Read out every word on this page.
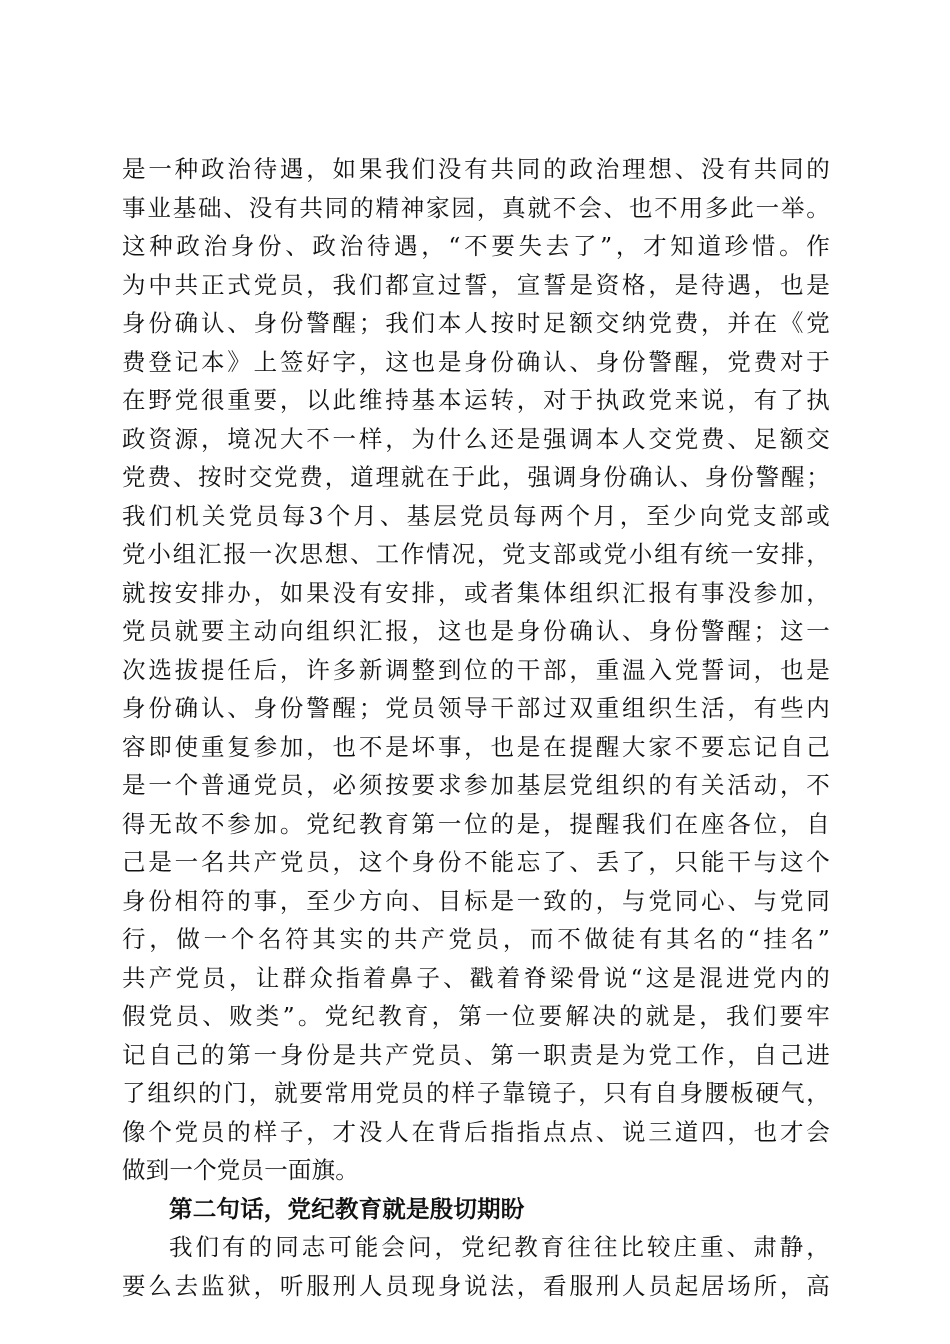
是一种政治待遇，如果我们没有共同的政治理想、没有共同的
事业基础、没有共同的精神家园，真就不会、也不用多此一举。
这种政治身份、政治待遇，“不要失去了”，才知道珍惜。作
为中共正式党员，我们都宣过誓，宣誓是资格，是待遇，也是
身份确认、身份警醒；我们本人按时足额交纳党费，并在《党
费登记本》上签好字，这也是身份确认、身份警醒，党费对于
在野党很重要，以此维持基本运转，对于执政党来说，有了执
政资源，境况大不一样，为什么还是强调本人交党费、足额交
党费、按时交党费，道理就在于此，强调身份确认、身份警醒；
我们机关党员每3个月、基层党员每两个月，至少向党支部或
党小组汇报一次思想、工作情况，党支部或党小组有统一安排，
就按安排办，如果没有安排，或者集体组织汇报有事没参加，
党员就要主动向组织汇报，这也是身份确认、身份警醒；这一
次选拔提任后，许多新调整到位的干部，重温入党誓词，也是
身份确认、身份警醒；党员领导干部过双重组织生活，有些内
容即使重复参加，也不是坏事，也是在提醒大家不要忘记自己
是一个普通党员，必须按要求参加基层党组织的有关活动，不
得无故不参加。党纪教育第一位的是，提醒我们在座各位，自
己是一名共产党员，这个身份不能忘了、丢了，只能干与这个
身份相符的事，至少方向、目标是一致的，与党同心、与党同
行，做一个名符其实的共产党员，而不做徒有其名的“挂名”
共产党员，让群众指着鼻子、戳着脊梁骨说“这是混进党内的
假党员、败类”。党纪教育，第一位要解决的就是，我们要牢
记自己的第一身份是共产党员、第一职责是为党工作，自己进
了组织的门，就要常用党员的样子靠镜子，只有自身腰板硬气，
像个党员的样子，才没人在背后指指点点、说三道四，也才会
做到一个党员一面旗。
第二句话，党纪教育就是殷切期盼
我们有的同志可能会问，党纪教育往往比较庄重、肃静，
要么去监狱，听服刑人员现身说法，看服刑人员起居场所，高
